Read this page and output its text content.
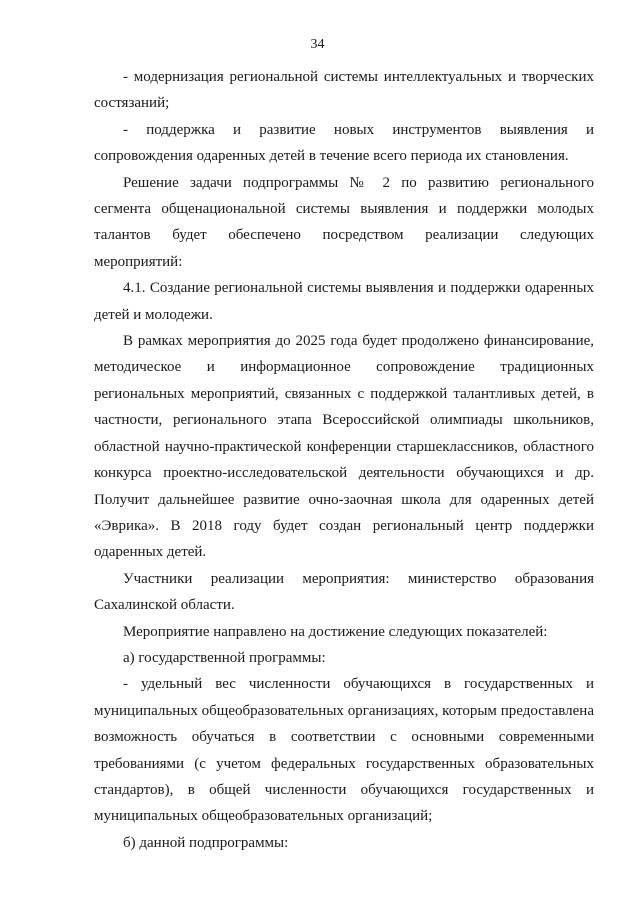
34

- модернизация региональной системы интеллектуальных и творческих состязаний;

- поддержка и развитие новых инструментов выявления и сопровождения одаренных детей в течение всего периода их становления.

Решение задачи подпрограммы № 2 по развитию регионального сегмента общенациональной системы выявления и поддержки молодых талантов будет обеспечено посредством реализации следующих мероприятий:

4.1. Создание региональной системы выявления и поддержки одаренных детей и молодежи.

В рамках мероприятия до 2025 года будет продолжено финансирование, методическое и информационное сопровождение традиционных региональных мероприятий, связанных с поддержкой талантливых детей, в частности, регионального этапа Всероссийской олимпиады школьников, областной научно-практической конференции старшеклассников, областного конкурса проектно-исследовательской деятельности обучающихся и др. Получит дальнейшее развитие очно-заочная школа для одаренных детей «Эврика». В 2018 году будет создан региональный центр поддержки одаренных детей.

Участники реализации мероприятия: министерство образования Сахалинской области.

Мероприятие направлено на достижение следующих показателей:

а) государственной программы:

- удельный вес численности обучающихся в государственных и муниципальных общеобразовательных организациях, которым предоставлена возможность обучаться в соответствии с основными современными требованиями (с учетом федеральных государственных образовательных стандартов), в общей численности обучающихся государственных и муниципальных общеобразовательных организаций;

б) данной подпрограммы:
